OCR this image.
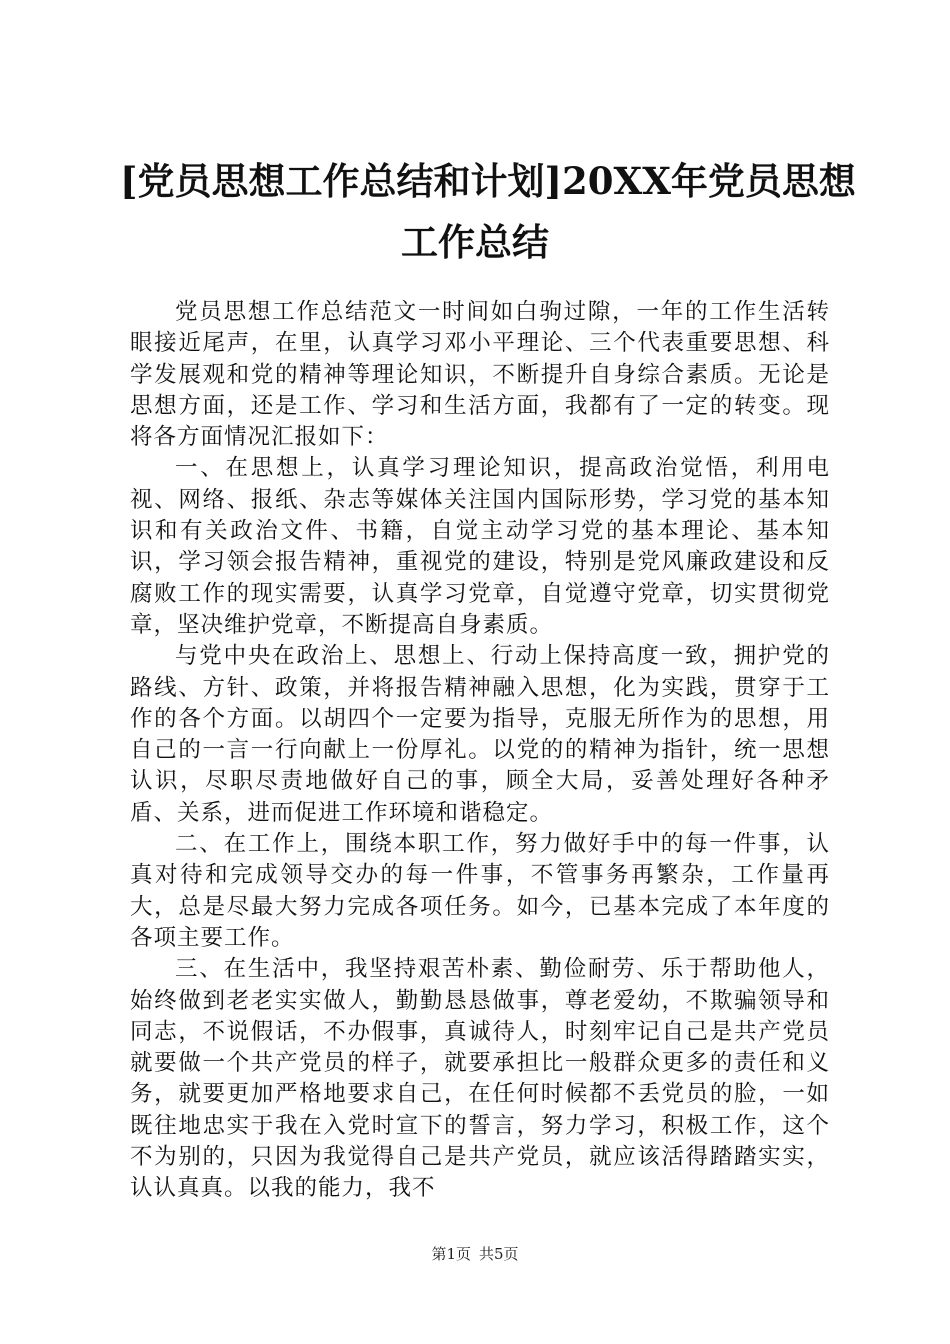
[党员思想工作总结和计划]20XX年党员思想
工作总结

党员思想工作总结范文一时间如白驹过隙，一年的工作生活转眼接近尾声，在里，认真学习邓小平理论、三个代表重要思想、科学发展观和党的精神等理论知识，不断提升自身综合素质。无论是思想方面，还是工作、学习和生活方面，我都有了一定的转变。现将各方面情况汇报如下：

一、在思想上，认真学习理论知识，提高政治觉悟，利用电视、网络、报纸、杂志等媒体关注国内国际形势，学习党的基本知识和有关政治文件、书籍，自觉主动学习党的基本理论、基本知识，学习领会报告精神，重视党的建设，特别是党风廉政建设和反腐败工作的现实需要，认真学习党章，自觉遵守党章，切实贯彻党章，坚决维护党章，不断提高自身素质。

与党中央在政治上、思想上、行动上保持高度一致，拥护党的路线、方针、政策，并将报告精神融入思想，化为实践，贯穿于工作的各个方面。以胡四个一定要为指导，克服无所作为的思想，用自己的一言一行向献上一份厚礼。以党的的精神为指针，统一思想认识，尽职尽责地做好自己的事，顾全大局，妥善处理好各种矛盾、关系，进而促进工作环境和谐稳定。

二、在工作上，围绕本职工作，努力做好手中的每一件事，认真对待和完成领导交办的每一件事，不管事务再繁杂，工作量再大，总是尽最大努力完成各项任务。如今，已基本完成了本年度的各项主要工作。

三、在生活中，我坚持艰苦朴素、勤俭耐劳、乐于帮助他人，始终做到老老实实做人，勤勤恳恳做事，尊老爱幼，不欺骗领导和同志，不说假话，不办假事，真诚待人，时刻牢记自己是共产党员就要做一个共产党员的样子，就要承担比一般群众更多的责任和义务，就要更加严格地要求自己，在任何时候都不丢党员的脸，一如既往地忠实于我在入党时宣下的誓言，努力学习，积极工作，这个不为别的，只因为我觉得自己是共产党员，就应该活得踏踏实实，认认真真。以我的能力，我不

第1页 共5页
